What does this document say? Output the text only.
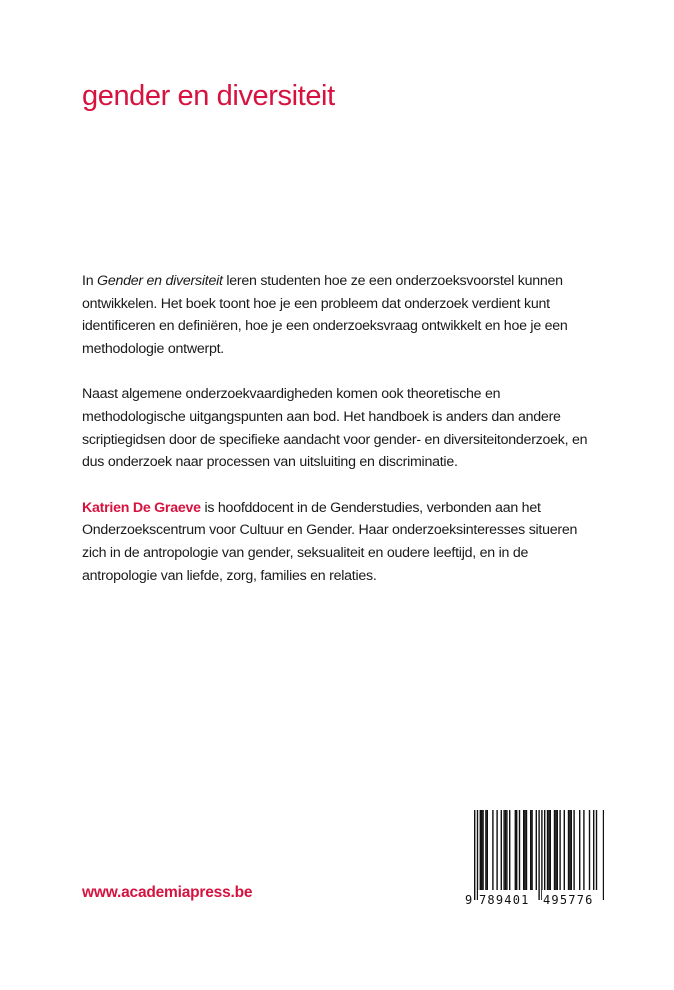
gender en diversiteit

In Gender en diversiteit leren studenten hoe ze een onderzoeksvoorstel kunnen ontwikkelen. Het boek toont hoe je een probleem dat onderzoek verdient kunt identificeren en definiëren, hoe je een onderzoeksvraag ontwikkelt en hoe je een methodologie ontwerpt.

Naast algemene onderzoekvaardigheden komen ook theoretische en methodologische uitgangspunten aan bod. Het handboek is anders dan andere scriptiegidsen door de specifieke aandacht voor gender- en diversiteitonderzoek, en dus onderzoek naar processen van uitsluiting en discriminatie.

Katrien De Graeve is hoofddocent in de Genderstudies, verbonden aan het Onderzoekscentrum voor Cultuur en Gender. Haar onderzoeksinteresses situeren zich in de antropologie van gender, seksualiteit en oudere leeftijd, en in de antropologie van liefde, zorg, families en relaties.

www.academiapress.be

	9

789401

495776
